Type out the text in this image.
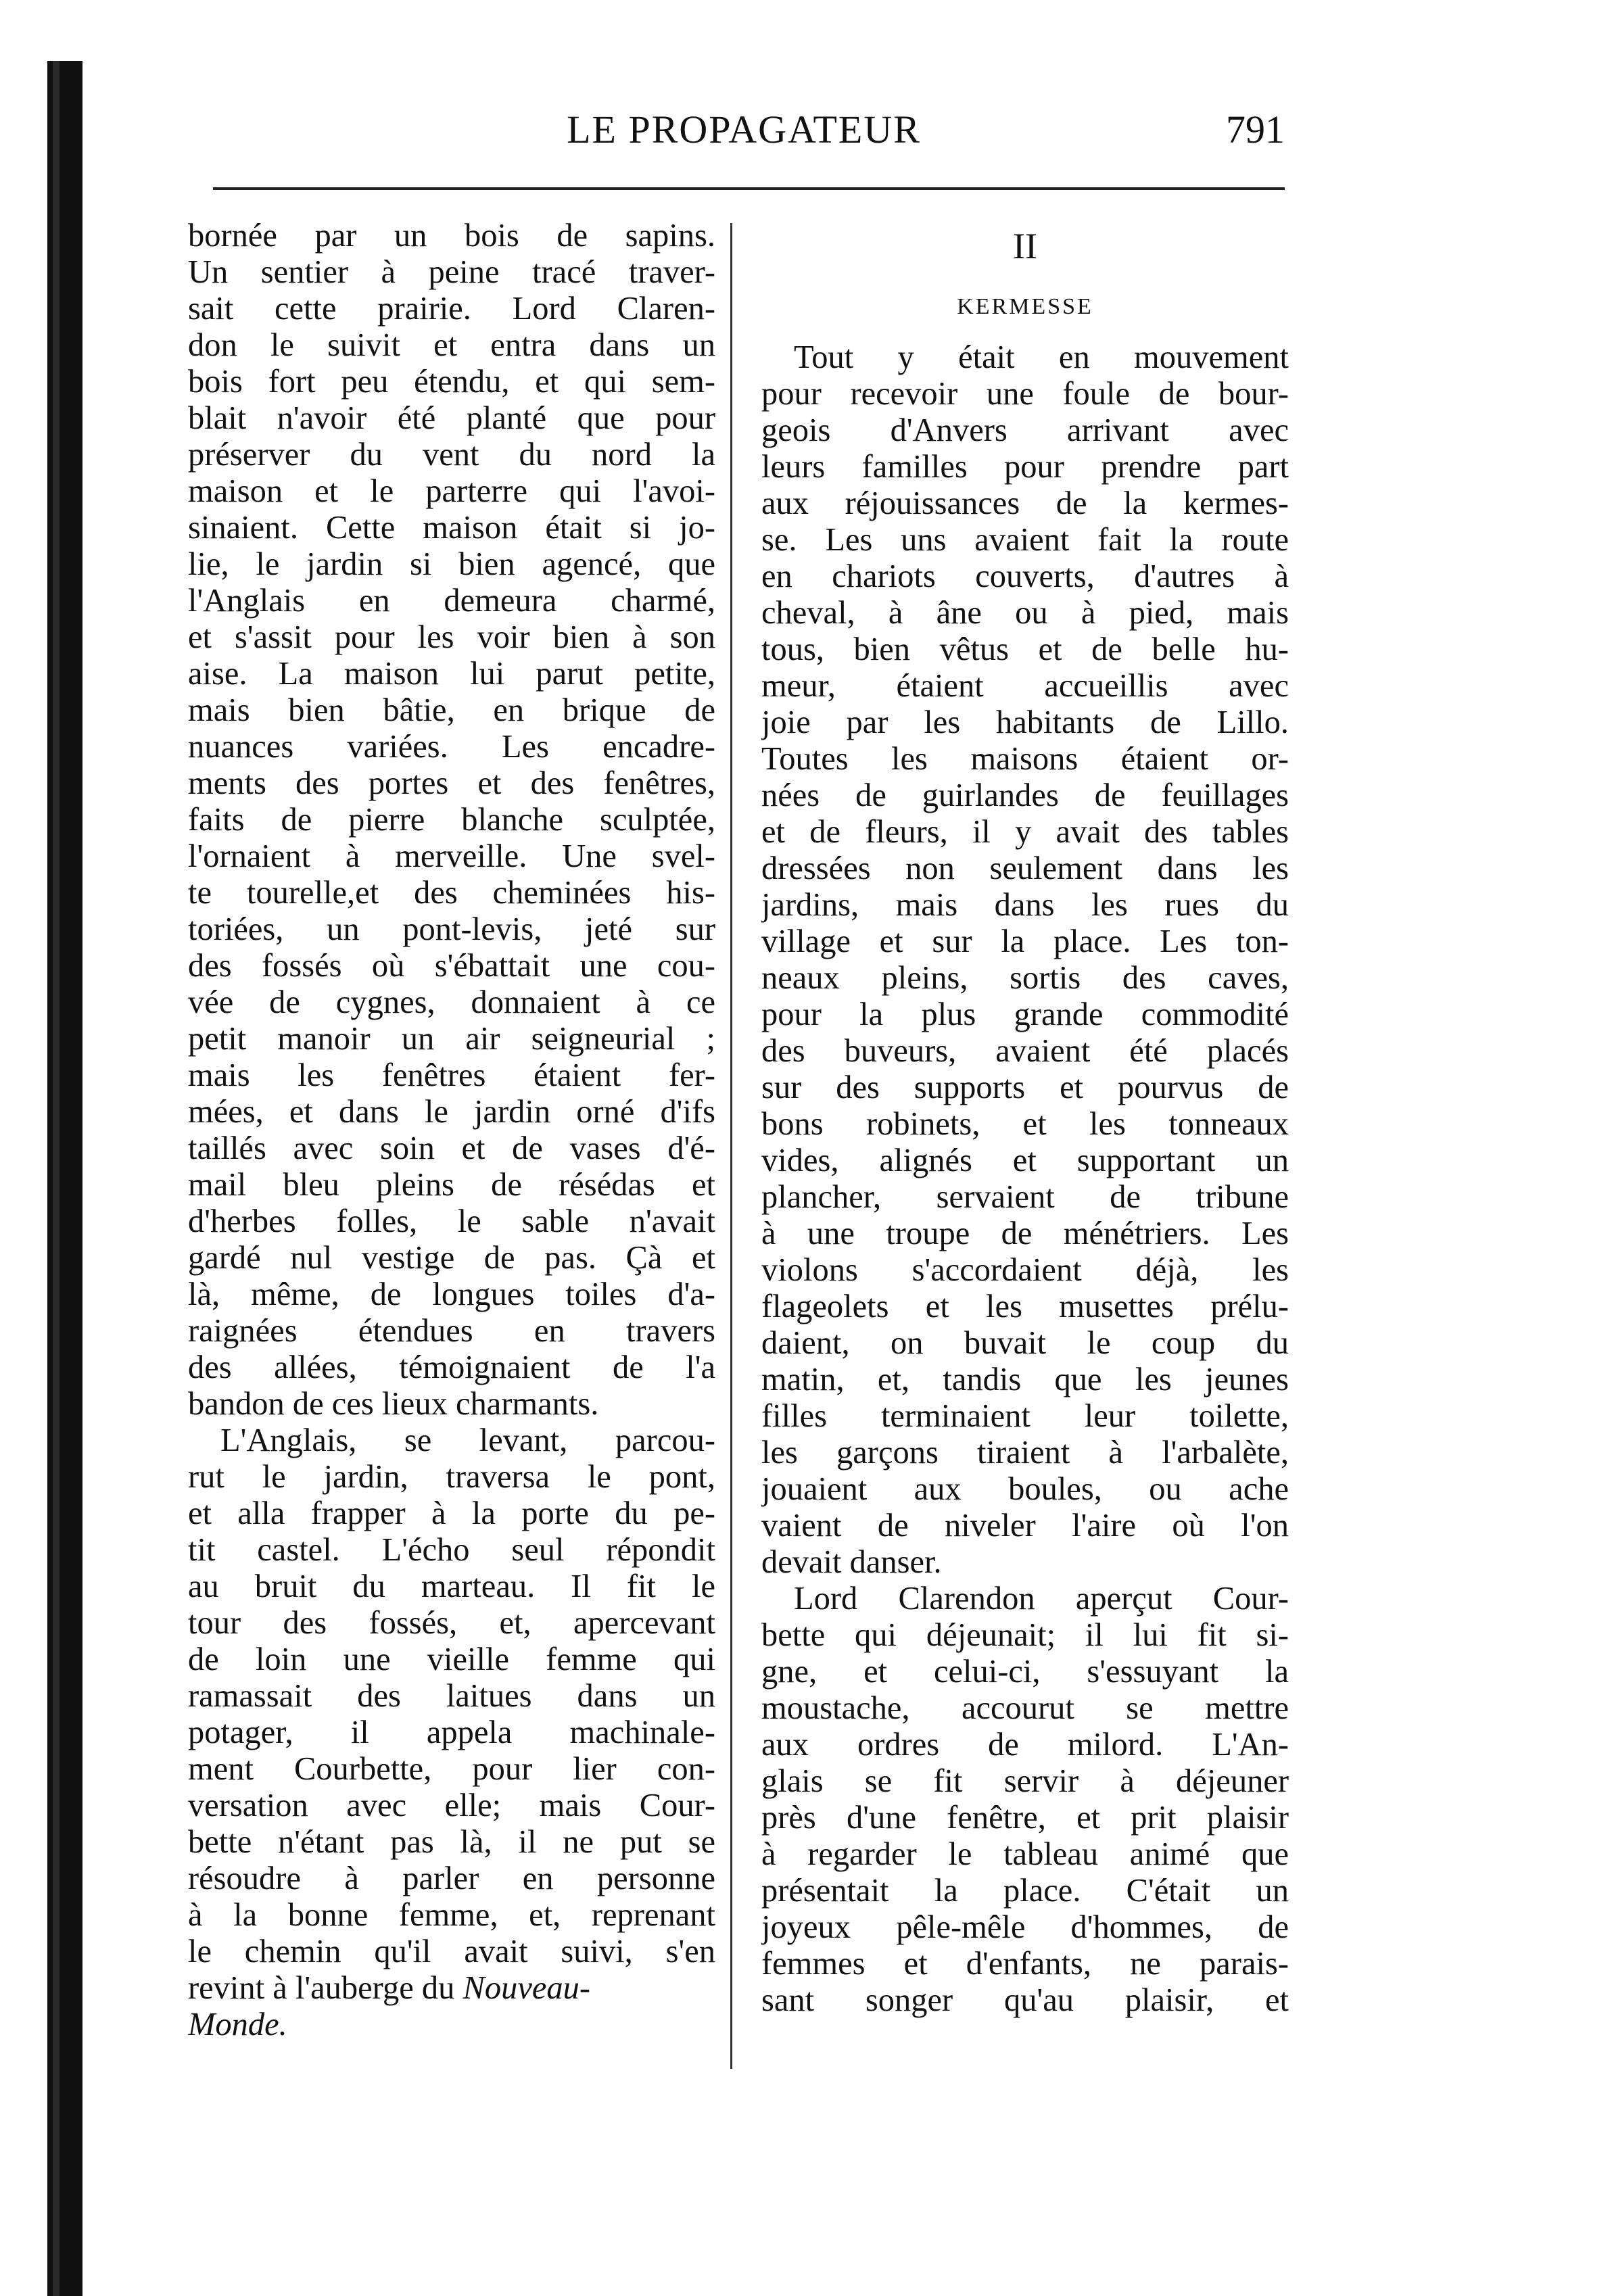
LE PROPAGATEUR	791
bornée par un bois de sapins.
Un sentier à peine tracé traver-
sait cette prairie. Lord Claren-
don le suivit et entra dans un
bois fort peu étendu, et qui sem-
blait n'avoir été planté que pour
préserver du vent du nord la
maison et le parterre qui l'avoi-
sinaient. Cette maison était si jo-
lie, le jardin si bien agencé, que
l'Anglais en demeura charmé,
et s'assit pour les voir bien à son
aise. La maison lui parut petite,
mais bien bâtie, en brique de
nuances variées. Les encadre-
ments des portes et des fenêtres,
faits de pierre blanche sculptée,
l'ornaient à merveille. Une svel-
te tourelle,et des cheminées his-
toriées, un pont-levis, jeté sur
des fossés où s'ébattait une cou-
vée de cygnes, donnaient à ce
petit manoir un air seigneurial ;
mais les fenêtres étaient fer-
mées, et dans le jardin orné d'ifs
taillés avec soin et de vases d'é-
mail bleu pleins de résédas et
d'herbes folles, le sable n'avait
gardé nul vestige de pas. Çà et
là, même, de longues toiles d'a-
raignées étendues en travers
des allées, témoignaient de l'a
bandon de ces lieux charmants.
L'Anglais, se levant, parcou-
rut le jardin, traversa le pont,
et alla frapper à la porte du pe-
tit castel. L'écho seul répondit
au bruit du marteau. Il fit le
tour des fossés, et, apercevant
de loin une vieille femme qui
ramassait des laitues dans un
potager, il appela machinale-
ment Courbette, pour lier con-
versation avec elle; mais Cour-
bette n'étant pas là, il ne put se
résoudre à parler en personne
à la bonne femme, et, reprenant
le chemin qu'il avait suivi, s'en
revint à l'auberge du Nouveau-
Monde.
II
KERMESSE
Tout y était en mouvement
pour recevoir une foule de bour-
geois d'Anvers arrivant avec
leurs familles pour prendre part
aux réjouissances de la kermes-
se. Les uns avaient fait la route
en chariots couverts, d'autres à
cheval, à âne ou à pied, mais
tous, bien vêtus et de belle hu-
meur, étaient accueillis avec
joie par les habitants de Lillo.
Toutes les maisons étaient or-
nées de guirlandes de feuillages
et de fleurs, il y avait des tables
dressées non seulement dans les
jardins, mais dans les rues du
village et sur la place. Les ton-
neaux pleins, sortis des caves,
pour la plus grande commodité
des buveurs, avaient été placés
sur des supports et pourvus de
bons robinets, et les tonneaux
vides, alignés et supportant un
plancher, servaient de tribune
à une troupe de ménétriers. Les
violons s'accordaient déjà, les
flageolets et les musettes prélu-
daient, on buvait le coup du
matin, et, tandis que les jeunes
filles terminaient leur toilette,
les garçons tiraient à l'arbalète,
jouaient aux boules, ou ache
vaient de niveler l'aire où l'on
devait danser.
Lord Clarendon aperçut Cour-
bette qui déjeunait; il lui fit si-
gne, et celui-ci, s'essuyant la
moustache, accourut se mettre
aux ordres de milord. L'An-
glais se fit servir à déjeuner
près d'une fenêtre, et prit plaisir
à regarder le tableau animé que
présentait la place. C'était un
joyeux pêle-mêle d'hommes, de
femmes et d'enfants, ne parais-
sant songer qu'au plaisir, et
